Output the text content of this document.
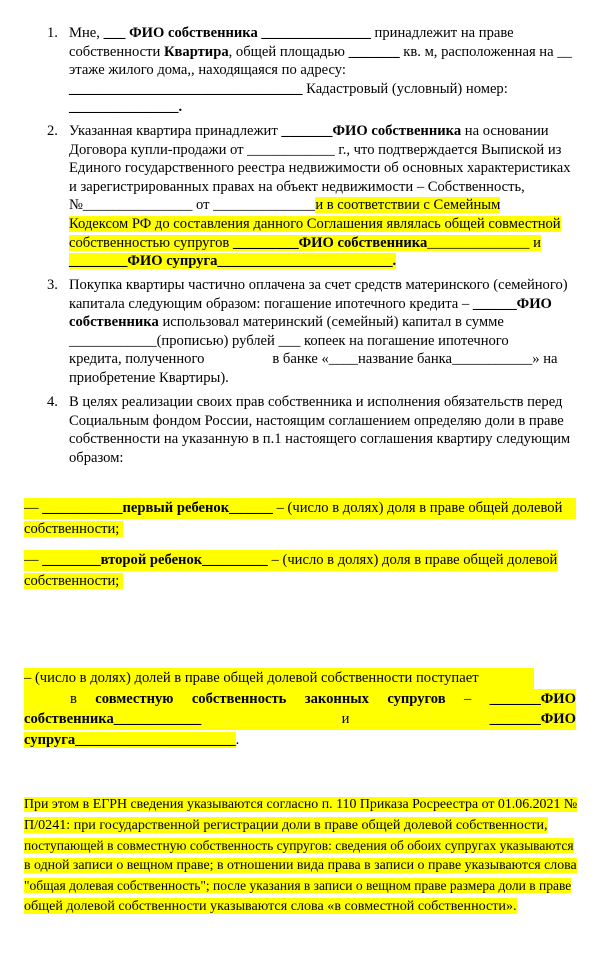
1. Мне, ___ ФИО собственника _______________ принадлежит на праве
собственности Квартира, общей площадью _______ кв. м, расположенная на __
этаже жилого дома,, находящаяся по адресу:
________________________________ Кадастровый (условный) номер:
_______________.
2. Указанная квартира принадлежит _______ФИО собственника на основании
Договора купли-продажи от ____________ г., что подтверждается Выпиской из
Единого государственного реестра недвижимости об основных характеристиках
и зарегистрированных правах на объект недвижимости – Собственность,
№_______________ от ______________и в соответствии с Семейным
Кодексом РФ до составления данного Соглашения являлась общей совместной
собственностью супругов _________ФИО собственника______________ и
________ФИО супруга________________________.
3. Покупка квартиры частично оплачена за счет средств материнского (семейного)
капитала следующим образом: погашение ипотечного кредита – ______ФИО
собственника использовал материнский (семейный) капитал в сумме
____________(прописью) рублей ___ копеек на погашение ипотечного
кредита, полученного	в банке «____название банка___________» на
приобретение Квартиры).
4. В целях реализации своих прав собственника и исполнения обязательств перед
Социальным фондом России, настоящим соглашением определяю доли в праве
собственности на указанную в п.1 настоящего соглашения квартиру следующим
образом:
— ___________первый ребенок______ – (число в долях) доля в праве общей долевой
собственности;
— ________второй ребенок_________ – (число в долях) доля в праве общей долевой
собственности;
– (число в долях) долей в праве общей долевой собственности поступает
в совместную собственность законных супругов – _______ФИО
собственника____________	и	_______ФИО
супруга______________________.
При этом в ЕГРН сведения указываются согласно п. 110 Приказа Росреестра от 01.06.2021 №
П/0241: при государственной регистрации доли в праве общей долевой собственности,
поступающей в совместную собственность супругов: сведения об обоих супругах указываются
в одной записи о вещном праве; в отношении вида права в записи о праве указываются слова
"общая долевая собственность"; после указания в записи о вещном праве размера доли в праве
общей долевой собственности указываются слова «в совместной собственности».
